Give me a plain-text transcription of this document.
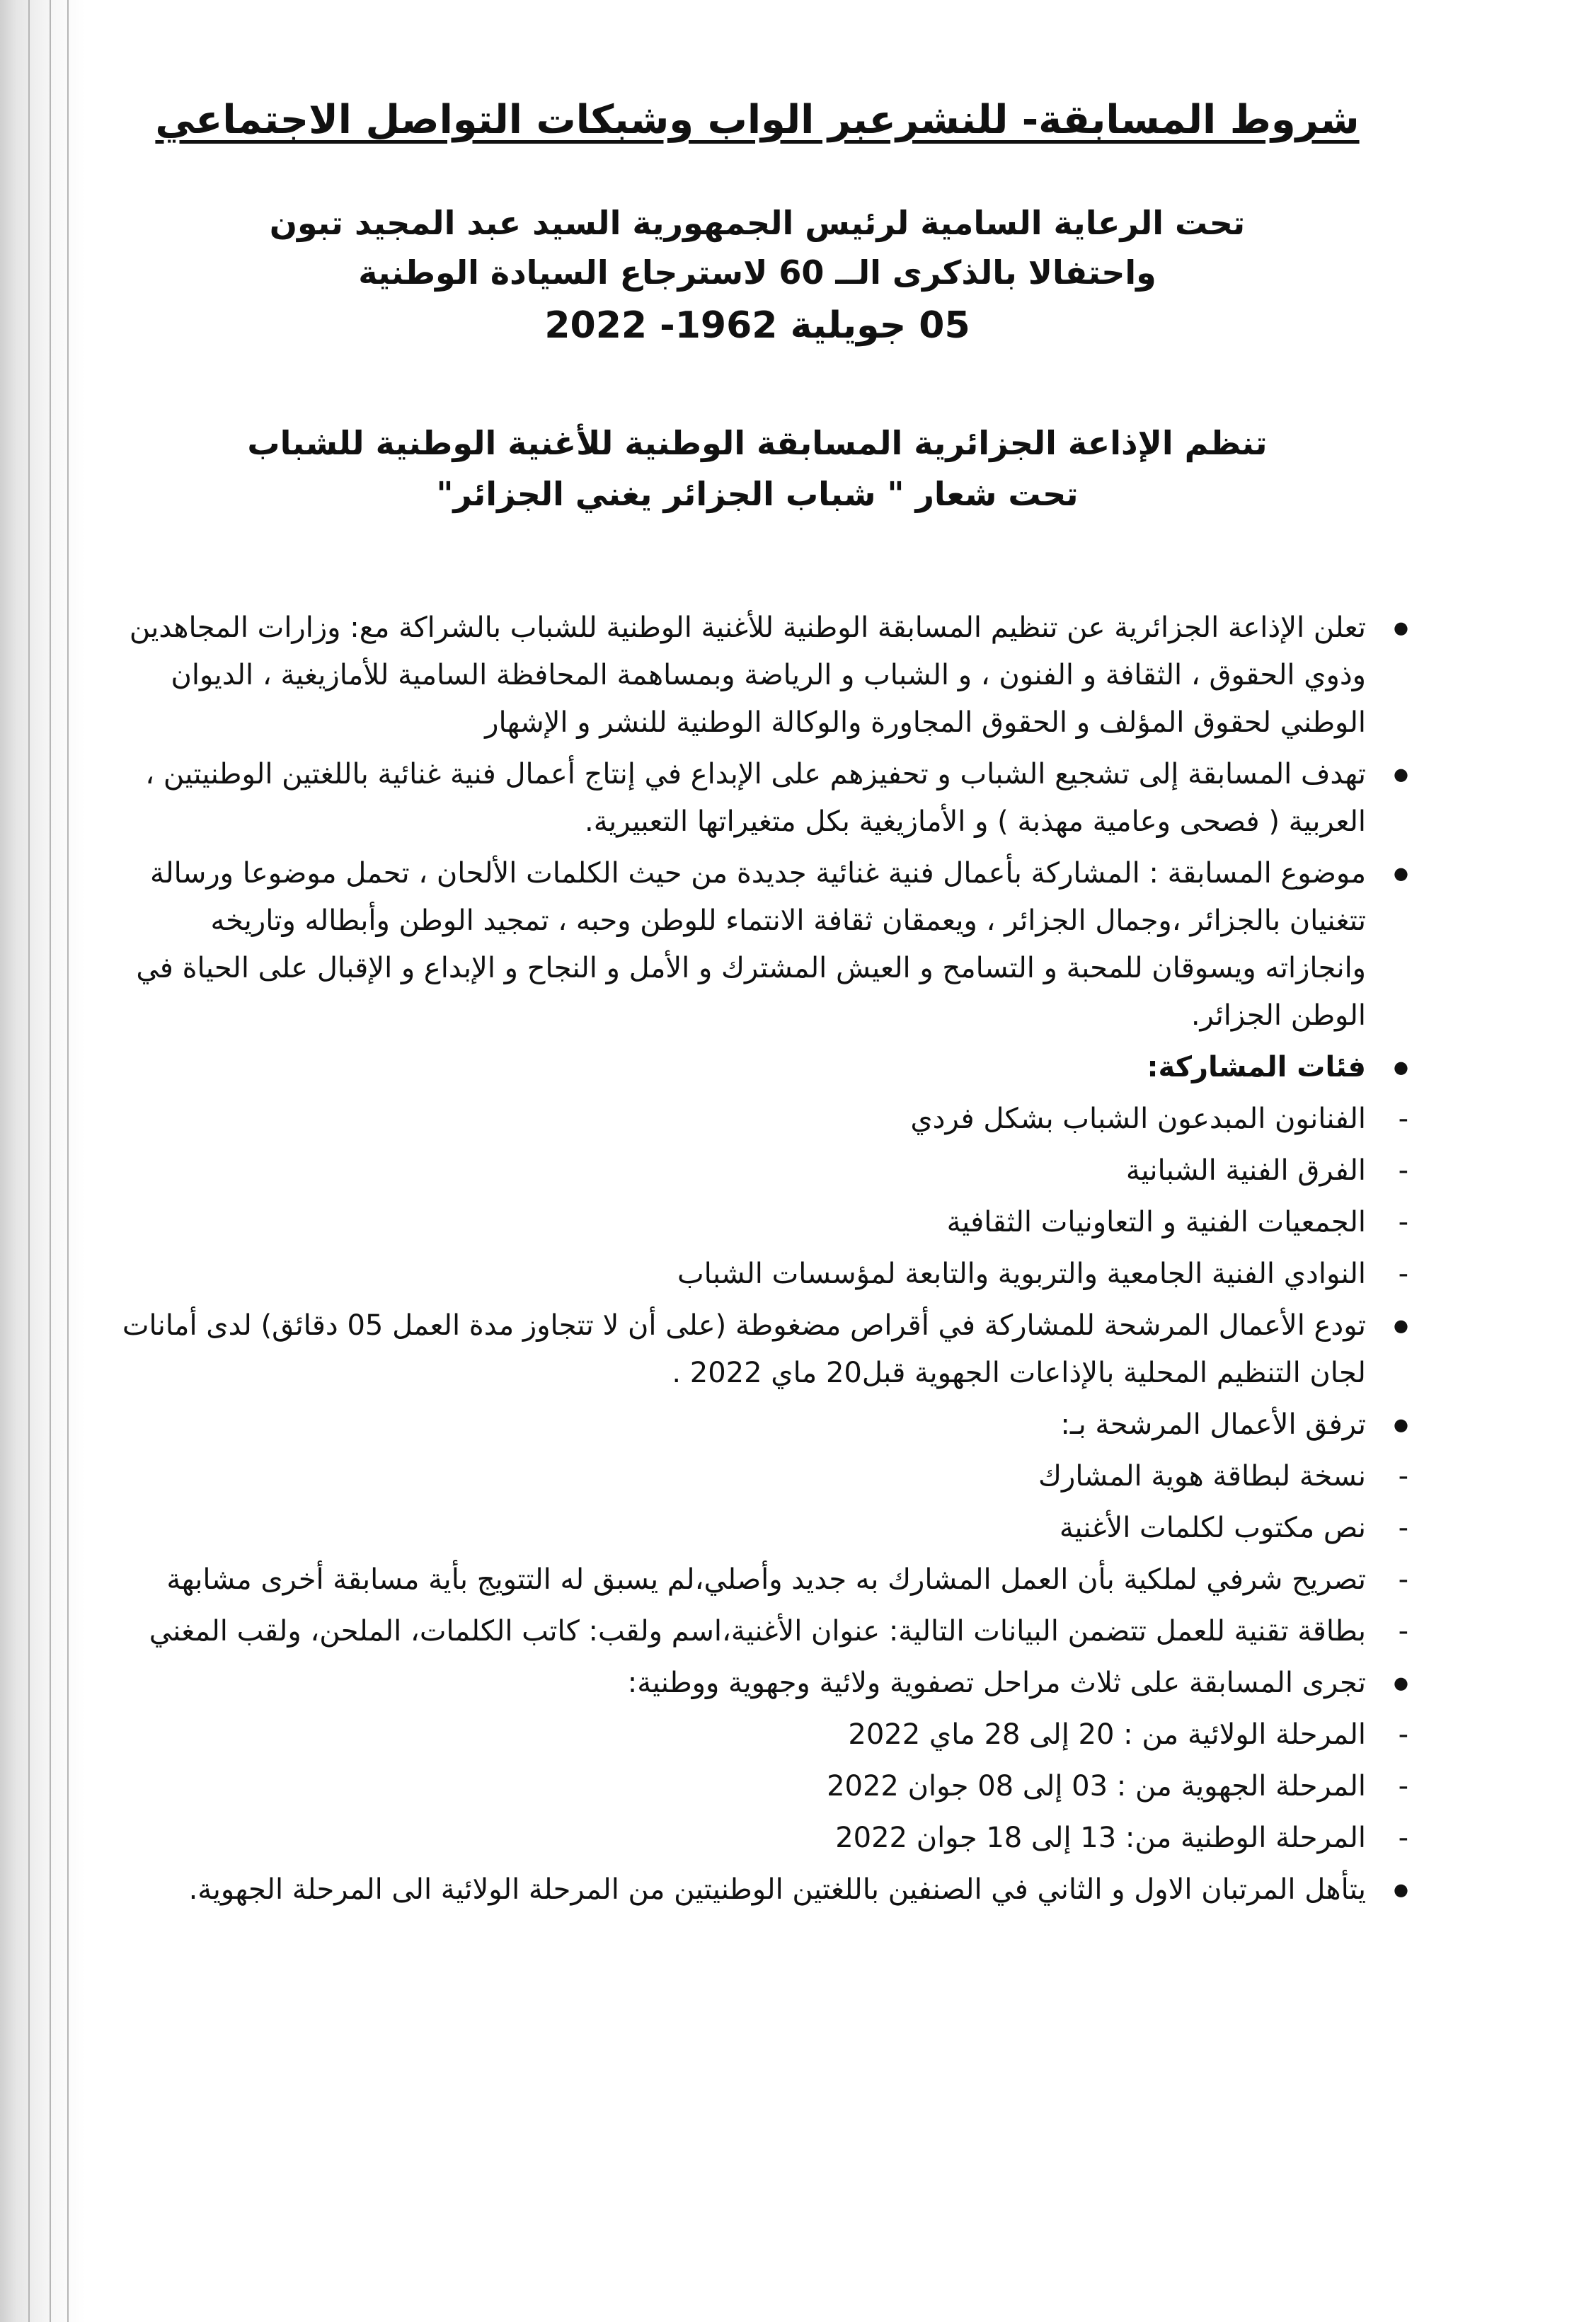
شروط المسابقة- للنشرعبر الواب وشبكات التواصل الاجتماعي
تحت الرعاية السامية لرئيس الجمهورية السيد عبد المجيد تبون
واحتفالا بالذكرى الــ 60 لاسترجاع السيادة الوطنية
05 جويلية 1962- 2022
تنظم الإذاعة الجزائرية المسابقة الوطنية للأغنية الوطنية للشباب
تحت شعار " شباب الجزائر يغني الجزائر"
● تعلن الإذاعة الجزائرية عن تنظيم المسابقة الوطنية للأغنية الوطنية للشباب بالشراكة مع: وزارات المجاهدين وذوي الحقوق ، الثقافة و الفنون ، و الشباب و الرياضة وبمساهمة المحافظة السامية للأمازيغية ، الديوان الوطني لحقوق المؤلف و الحقوق المجاورة والوكالة الوطنية للنشر و الإشهار
● تهدف المسابقة إلى تشجيع الشباب و تحفيزهم على الإبداع في إنتاج أعمال فنية غنائية باللغتين الوطنيتين ، العربية ( فصحى وعامية مهذبة ) و الأمازيغية بكل متغيراتها التعبيرية.
● موضوع المسابقة : المشاركة بأعمال فنية غنائية جديدة من حيث الكلمات الألحان ، تحمل موضوعا ورسالة تتغنيان بالجزائر ،وجمال الجزائر ، ويعمقان ثقافة الانتماء للوطن وحبه ، تمجيد الوطن وأبطاله وتاريخه وانجازاته ويسوقان للمحبة و التسامح و العيش المشترك و الأمل و النجاح و الإبداع و الإقبال على الحياة في الوطن الجزائر.
● فئات المشاركة:
- الفنانون المبدعون الشباب بشكل فردي
- الفرق الفنية الشبانية
- الجمعيات الفنية و التعاونيات الثقافية
- النوادي الفنية الجامعية والتربوية والتابعة لمؤسسات الشباب
● تودع الأعمال المرشحة للمشاركة في أقراص مضغوطة (على أن لا تتجاوز مدة العمل 05 دقائق) لدى أمانات لجان التنظيم المحلية بالإذاعات الجهوية قبل20 ماي 2022 .
● ترفق الأعمال المرشحة بـ:
- نسخة لبطاقة هوية المشارك
- نص مكتوب لكلمات الأغنية
- تصريح شرفي لملكية بأن العمل المشارك به جديد وأصلي،لم يسبق له التتويج بأية مسابقة أخرى مشابهة
- بطاقة تقنية للعمل تتضمن البيانات التالية: عنوان الأغنية،اسم ولقب: كاتب الكلمات، الملحن، ولقب المغني
● تجرى المسابقة على ثلاث مراحل تصفوية ولائية وجهوية ووطنية:
- المرحلة الولائية من : 20 إلى 28 ماي 2022
- المرحلة الجهوية من : 03 إلى 08 جوان 2022
- المرحلة الوطنية من: 13 إلى 18 جوان 2022
● يتأهل المرتبان الاول و الثاني في الصنفين باللغتين الوطنيتين من المرحلة الولائية الى المرحلة الجهوية.
